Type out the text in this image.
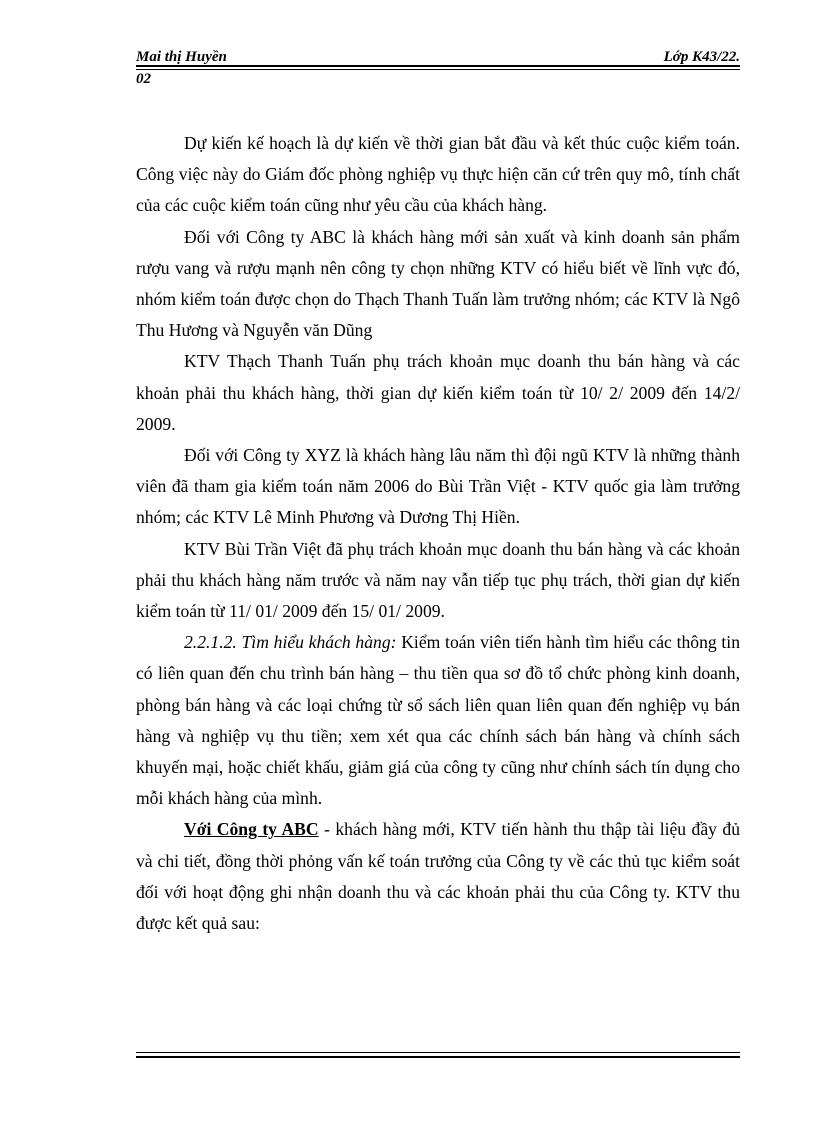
Mai thị Huyền	Lớp K43/22.
02

Dự kiến kế hoạch là dự kiến về thời gian bắt đầu và kết thúc cuộc kiểm toán. Công việc này do Giám đốc phòng nghiệp vụ thực hiện căn cứ trên quy mô, tính chất của các cuộc kiểm toán cũng như yêu cầu của khách hàng.

Đối với Công ty ABC là khách hàng mới sản xuất và kinh doanh sản phẩm rượu vang và rượu mạnh nên công ty chọn những KTV có hiểu biết về lĩnh vực đó, nhóm kiểm toán được chọn do Thạch Thanh Tuấn làm trưởng nhóm; các KTV là Ngô Thu Hương và Nguyễn văn Dũng

KTV Thạch Thanh Tuấn phụ trách khoản mục doanh thu bán hàng và các khoản phải thu khách hàng, thời gian dự kiến kiểm toán từ 10/ 2/ 2009 đến 14/2/ 2009.

Đối với Công ty XYZ là khách hàng lâu năm thì đội ngũ KTV là những thành viên đã tham gia kiểm toán năm 2006 do Bùi Trần Việt - KTV quốc gia làm trưởng nhóm; các KTV Lê Minh Phương và Dương Thị Hiền.

KTV Bùi Trần Việt đã phụ trách khoản mục doanh thu bán hàng và các khoản phải thu khách hàng năm trước và năm nay vẫn tiếp tục phụ trách, thời gian dự kiến kiểm toán từ 11/ 01/ 2009 đến 15/ 01/ 2009.

2.2.1.2. Tìm hiểu khách hàng: Kiểm toán viên tiến hành tìm hiểu các thông tin có liên quan đến chu trình bán hàng – thu tiền qua sơ đồ tổ chức phòng kinh doanh, phòng bán hàng và các loại chứng từ sổ sách liên quan liên quan đến nghiệp vụ bán hàng và nghiệp vụ thu tiền; xem xét qua các chính sách bán hàng và chính sách khuyến mại, hoặc chiết khấu, giảm giá của công ty cũng như chính sách tín dụng cho mỗi khách hàng của mình.

Với Công ty ABC - khách hàng mới, KTV tiến hành thu thập tài liệu đầy đủ và chi tiết, đồng thời phỏng vấn kế toán trưởng của Công ty về các thủ tục kiểm soát đối với hoạt động ghi nhận doanh thu và các khoản phải thu của Công ty. KTV thu được kết quả sau:
